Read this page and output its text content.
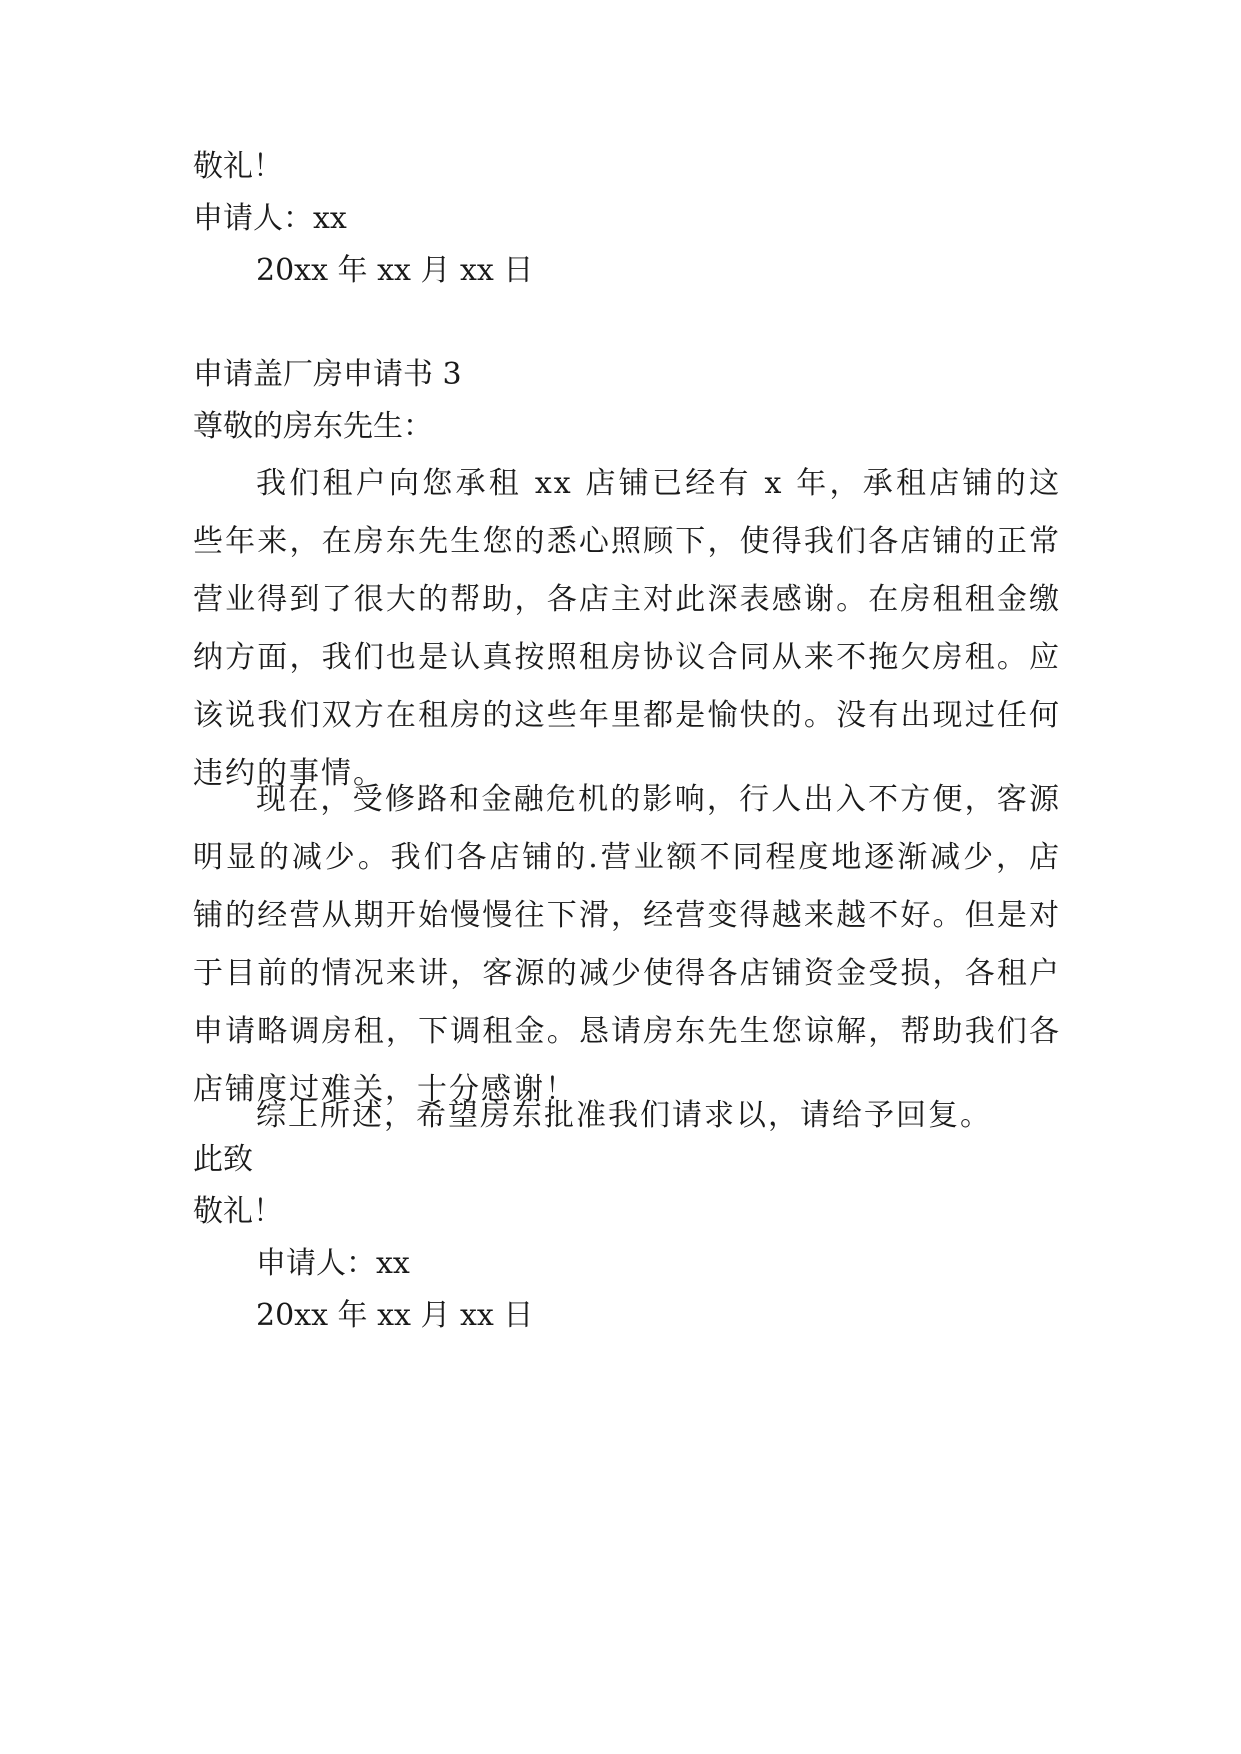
敬礼！
申请人：xx
20xx 年 xx 月 xx 日
申请盖厂房申请书 3
尊敬的房东先生：
我们租户向您承租 xx 店铺已经有 x 年，承租店铺的这些年来，在房东先生您的悉心照顾下，使得我们各店铺的正常营业得到了很大的帮助，各店主对此深表感谢。在房租租金缴纳方面，我们也是认真按照租房协议合同从来不拖欠房租。应该说我们双方在租房的这些年里都是愉快的。没有出现过任何违约的事情。
现在，受修路和金融危机的影响，行人出入不方便，客源明显的减少。我们各店铺的.营业额不同程度地逐渐减少，店铺的经营从期开始慢慢往下滑，经营变得越来越不好。但是对于目前的情况来讲，客源的减少使得各店铺资金受损，各租户申请略调房租，下调租金。恳请房东先生您谅解，帮助我们各店铺度过难关，十分感谢！
综上所述，希望房东批准我们请求以，请给予回复。
此致
敬礼！
申请人：xx
20xx 年 xx 月 xx 日
